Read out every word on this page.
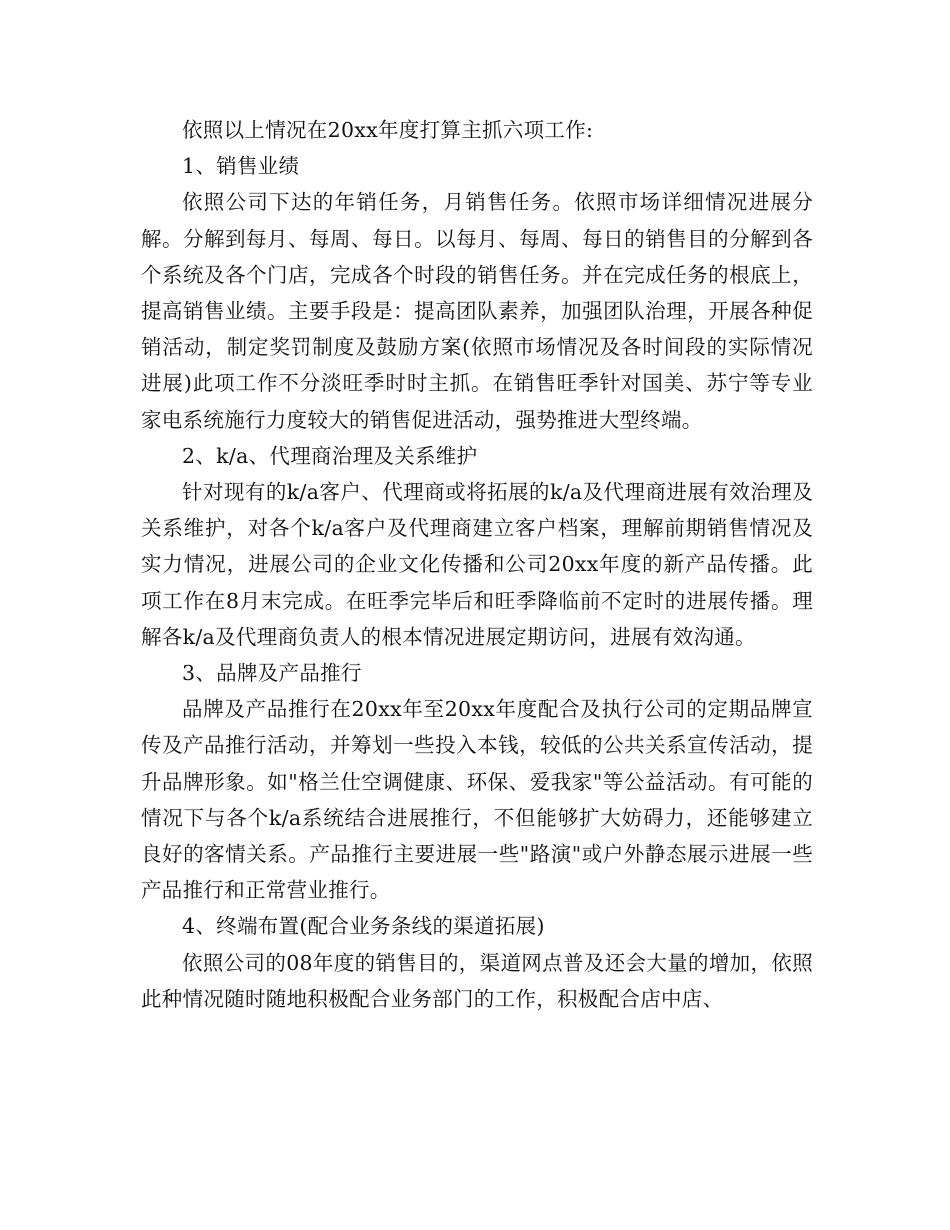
依照以上情况在20xx年度打算主抓六项工作:

1、销售业绩

依照公司下达的年销任务，月销售任务。依照市场详细情况进展分解。分解到每月、每周、每日。以每月、每周、每日的销售目的分解到各个系统及各个门店，完成各个时段的销售任务。并在完成任务的根底上，提高销售业绩。主要手段是：提高团队素养，加强团队治理，开展各种促销活动，制定奖罚制度及鼓励方案(依照市场情况及各时间段的实际情况进展)此项工作不分淡旺季时时主抓。在销售旺季针对国美、苏宁等专业家电系统施行力度较大的销售促进活动，强势推进大型终端。

2、k/a、代理商治理及关系维护

针对现有的k/a客户、代理商或将拓展的k/a及代理商进展有效治理及关系维护，对各个k/a客户及代理商建立客户档案，理解前期销售情况及实力情况，进展公司的企业文化传播和公司20xx年度的新产品传播。此项工作在8月末完成。在旺季完毕后和旺季降临前不定时的进展传播。理解各k/a及代理商负责人的根本情况进展定期访问，进展有效沟通。

3、品牌及产品推行

品牌及产品推行在20xx年至20xx年度配合及执行公司的定期品牌宣传及产品推行活动，并筹划一些投入本钱，较低的公共关系宣传活动，提升品牌形象。如"格兰仕空调健康、环保、爱我家"等公益活动。有可能的情况下与各个k/a系统结合进展推行，不但能够扩大妨碍力，还能够建立良好的客情关系。产品推行主要进展一些"路演"或户外静态展示进展一些产品推行和正常营业推行。

4、终端布置(配合业务条线的渠道拓展)

依照公司的08年度的销售目的，渠道网点普及还会大量的增加，依照此种情况随时随地积极配合业务部门的工作，积极配合店中店、
